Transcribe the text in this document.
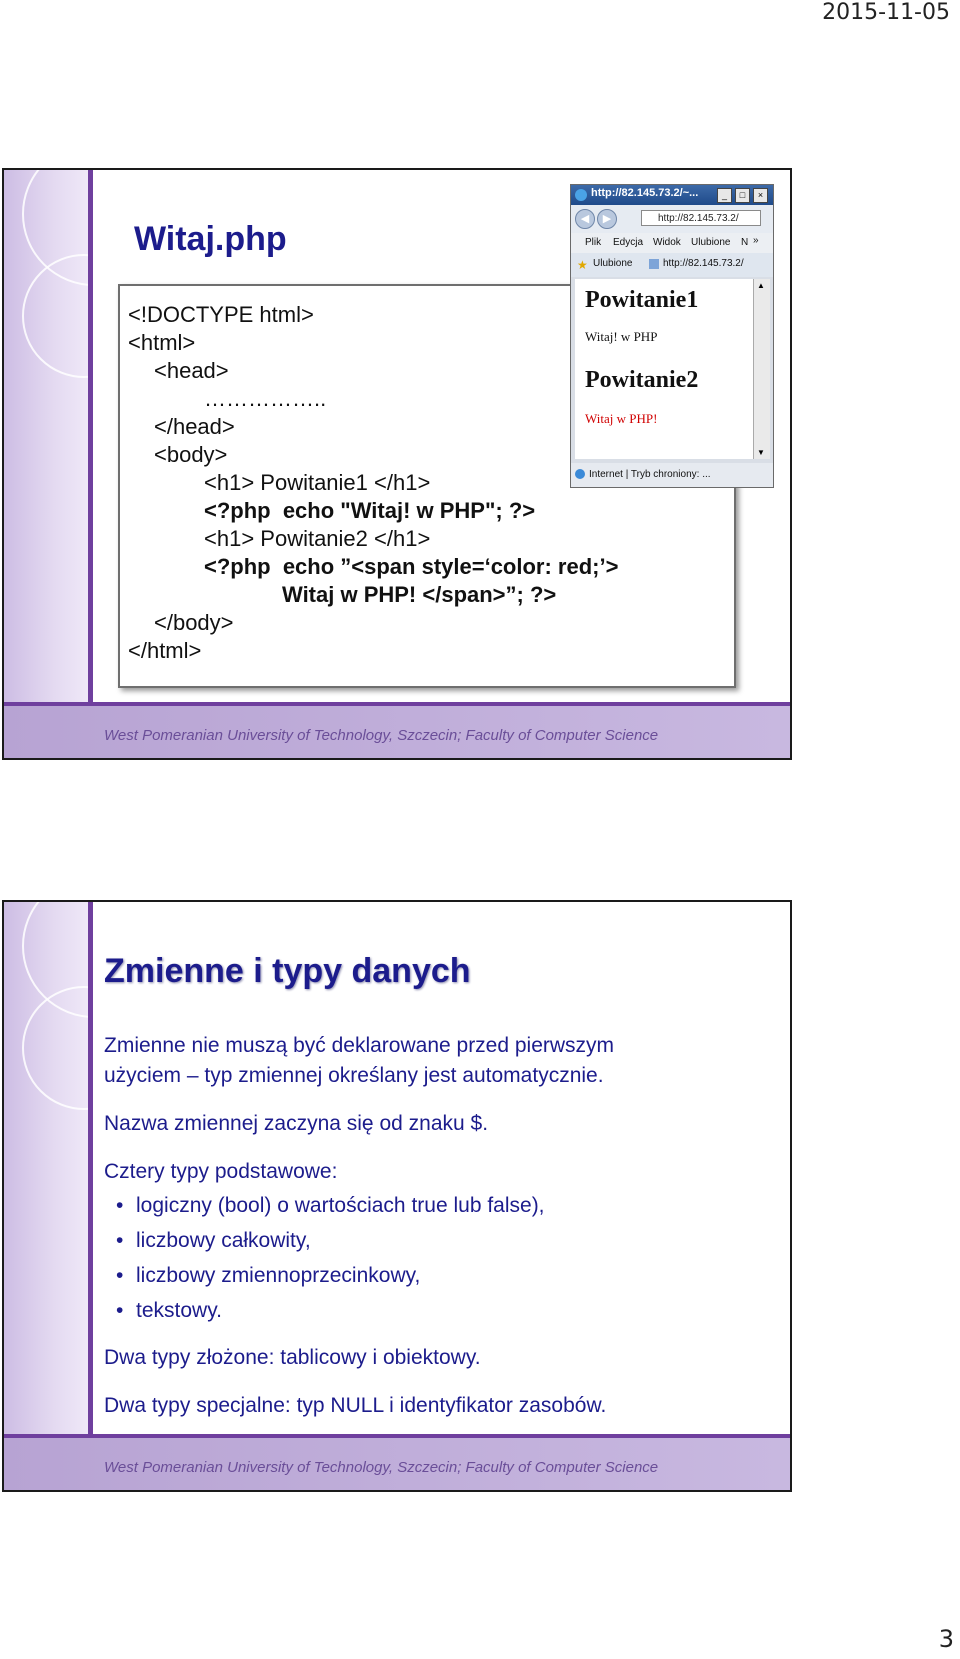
2015-11-05
Witaj.php
<!DOCTYPE html>
<html>
<head>
……………..
</head>
<body>
<h1> Powitanie1 </h1>
<?php  echo "Witaj! w PHP"; ?>
<h1> Powitanie2 </h1>
<?php  echo ”<span style=‘color: red;’>
Witaj w PHP! </span>”; ?>
</body>
</html>
http://82.145.73.2/~...	_	□	×
◀	▶	http://82.145.73.2/
Plik Edycja Widok Ulubione N »
★ Ulubione	http://82.145.73.2/
Powitanie1
Witaj! w PHP
Powitanie2
Witaj w PHP!
▲
▼
Internet | Tryb chroniony: ...
West Pomeranian University of Technology, Szczecin; Faculty of Computer Science
Zmienne i typy danych
Zmienne nie muszą być deklarowane przed pierwszym
użyciem – typ zmiennej określany jest automatycznie.
Nazwa zmiennej zaczyna się od znaku $.
Cztery typy podstawowe:
• logiczny (bool) o wartościach true lub false),
• liczbowy całkowity,
• liczbowy zmiennoprzecinkowy,
• tekstowy.
Dwa typy złożone: tablicowy i obiektowy.
Dwa typy specjalne: typ NULL i identyfikator zasobów.
West Pomeranian University of Technology, Szczecin; Faculty of Computer Science
3
